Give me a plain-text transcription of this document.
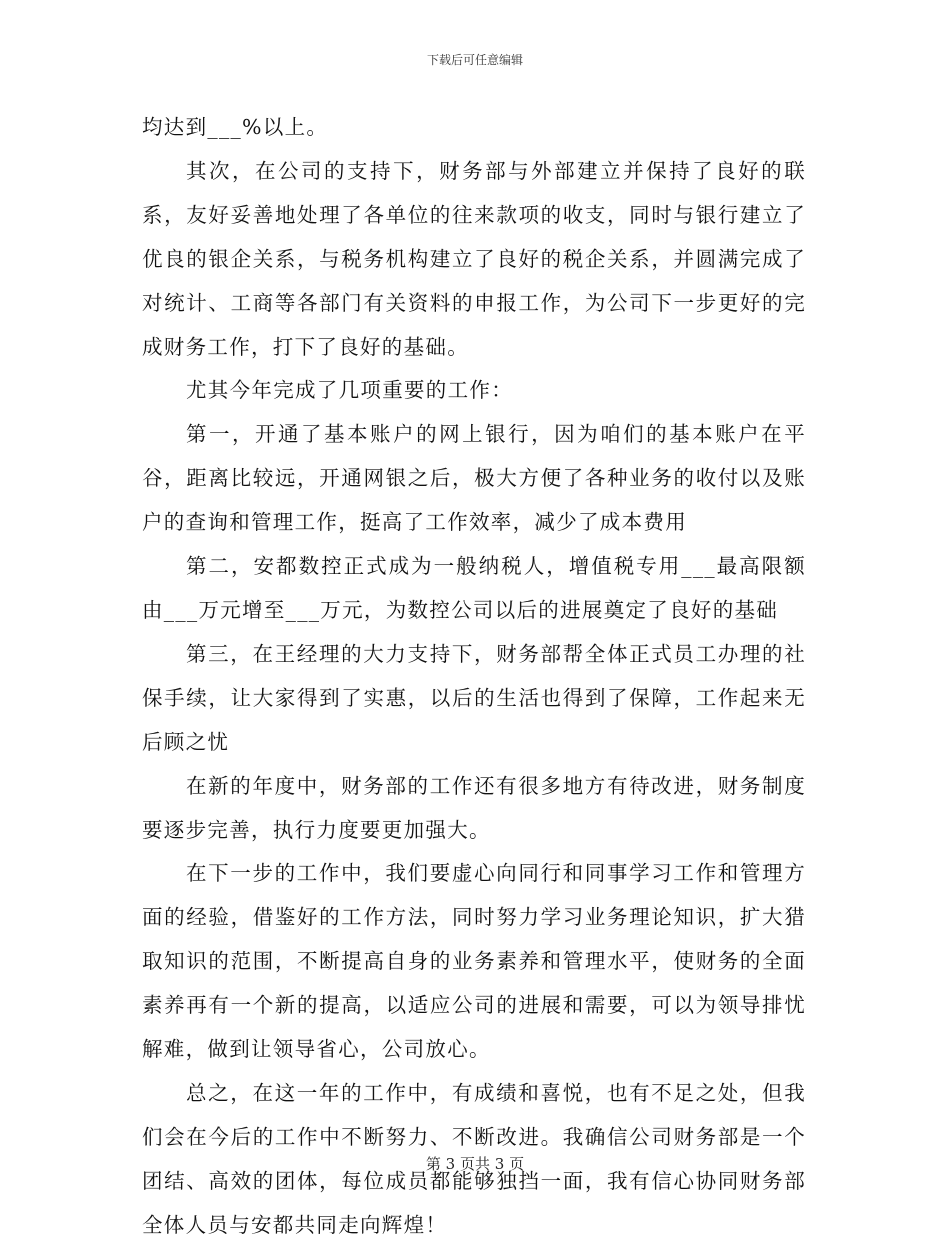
下载后可任意编辑

均达到___%以上。

其次，在公司的支持下，财务部与外部建立并保持了良好的联系，友好妥善地处理了各单位的往来款项的收支，同时与银行建立了优良的银企关系，与税务机构建立了良好的税企关系，并圆满完成了对统计、工商等各部门有关资料的申报工作，为公司下一步更好的完成财务工作，打下了良好的基础。

尤其今年完成了几项重要的工作：

第一，开通了基本账户的网上银行，因为咱们的基本账户在平谷，距离比较远，开通网银之后，极大方便了各种业务的收付以及账户的查询和管理工作，挺高了工作效率，减少了成本费用

第二，安都数控正式成为一般纳税人，增值税专用___最高限额由___万元增至___万元，为数控公司以后的进展奠定了良好的基础

第三，在王经理的大力支持下，财务部帮全体正式员工办理的社保手续，让大家得到了实惠，以后的生活也得到了保障，工作起来无后顾之忧

在新的年度中，财务部的工作还有很多地方有待改进，财务制度要逐步完善，执行力度要更加强大。

在下一步的工作中，我们要虚心向同行和同事学习工作和管理方面的经验，借鉴好的工作方法，同时努力学习业务理论知识，扩大猎取知识的范围，不断提高自身的业务素养和管理水平，使财务的全面素养再有一个新的提高，以适应公司的进展和需要，可以为领导排忧解难，做到让领导省心，公司放心。

总之，在这一年的工作中，有成绩和喜悦，也有不足之处，但我们会在今后的工作中不断努力、不断改进。我确信公司财务部是一个团结、高效的团体，每位成员都能够独挡一面，我有信心协同财务部全体人员与安都共同走向辉煌！

第 3 页共 3 页
